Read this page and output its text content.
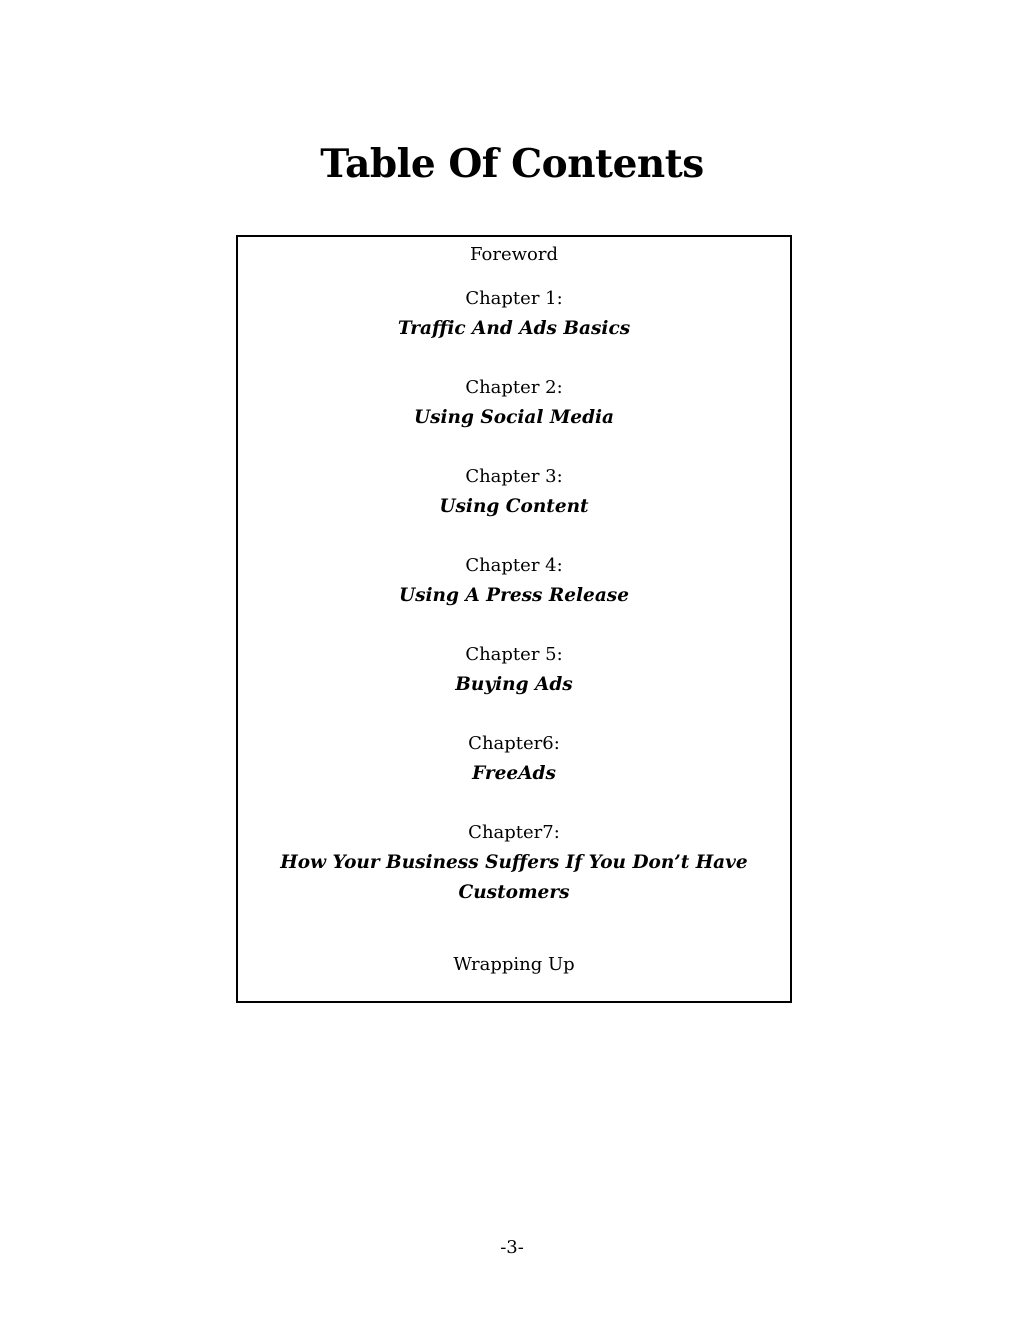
Table Of Contents
Foreword
Chapter 1:
Traffic And Ads Basics
Chapter 2:
Using Social Media
Chapter 3:
Using Content
Chapter 4:
Using A Press Release
Chapter 5:
Buying Ads
Chapter6:
FreeAds
Chapter7:
How Your Business Suffers If You Don’t Have
Customers
Wrapping Up
-3-
